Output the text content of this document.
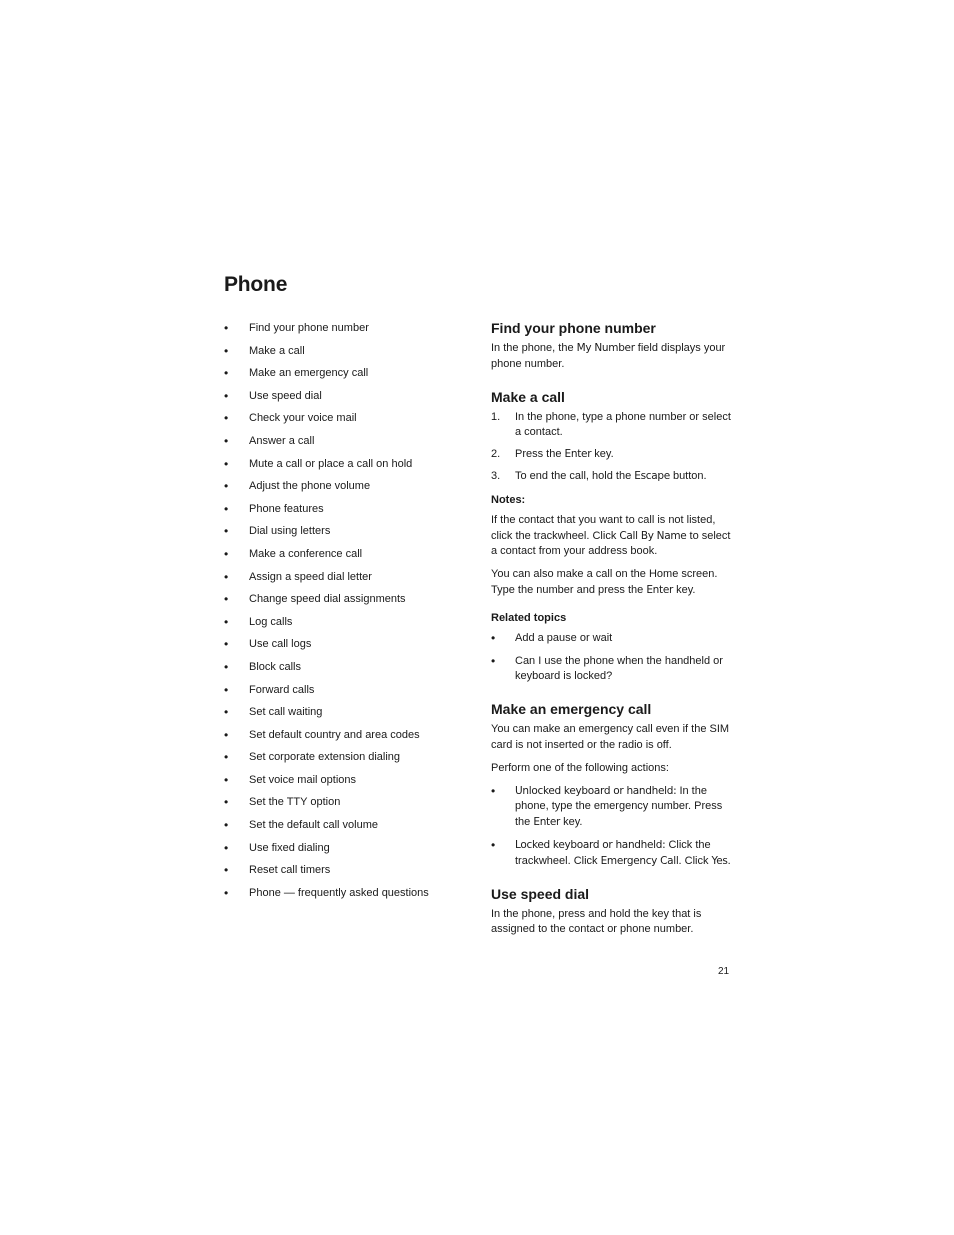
Phone
• Find your phone number
• Make a call
• Make an emergency call
• Use speed dial
• Check your voice mail
• Answer a call
• Mute a call or place a call on hold
• Adjust the phone volume
• Phone features
• Dial using letters
• Make a conference call
• Assign a speed dial letter
• Change speed dial assignments
• Log calls
• Use call logs
• Block calls
• Forward calls
• Set call waiting
• Set default country and area codes
• Set corporate extension dialing
• Set voice mail options
• Set the TTY option
• Set the default call volume
• Use fixed dialing
• Reset call timers
• Phone — frequently asked questions
Find your phone number

In the phone, the My Number field displays your phone number.

Make a call
1. In the phone, type a phone number or select a contact.
2. Press the Enter key.
3. To end the call, hold the Escape button.
Notes:

If the contact that you want to call is not listed, click the trackwheel. Click Call By Name to select a contact from your address book.

You can also make a call on the Home screen. Type the number and press the Enter key.

Related topics
• Add a pause or wait
• Can I use the phone when the handheld or keyboard is locked?
Make an emergency call

You can make an emergency call even if the SIM card is not inserted or the radio is off.

Perform one of the following actions:

• Unlocked keyboard or handheld: In the phone, type the emergency number. Press the Enter key.
• Locked keyboard or handheld: Click the trackwheel. Click Emergency Call. Click Yes.
Use speed dial

In the phone, press and hold the key that is assigned to the contact or phone number.

21
